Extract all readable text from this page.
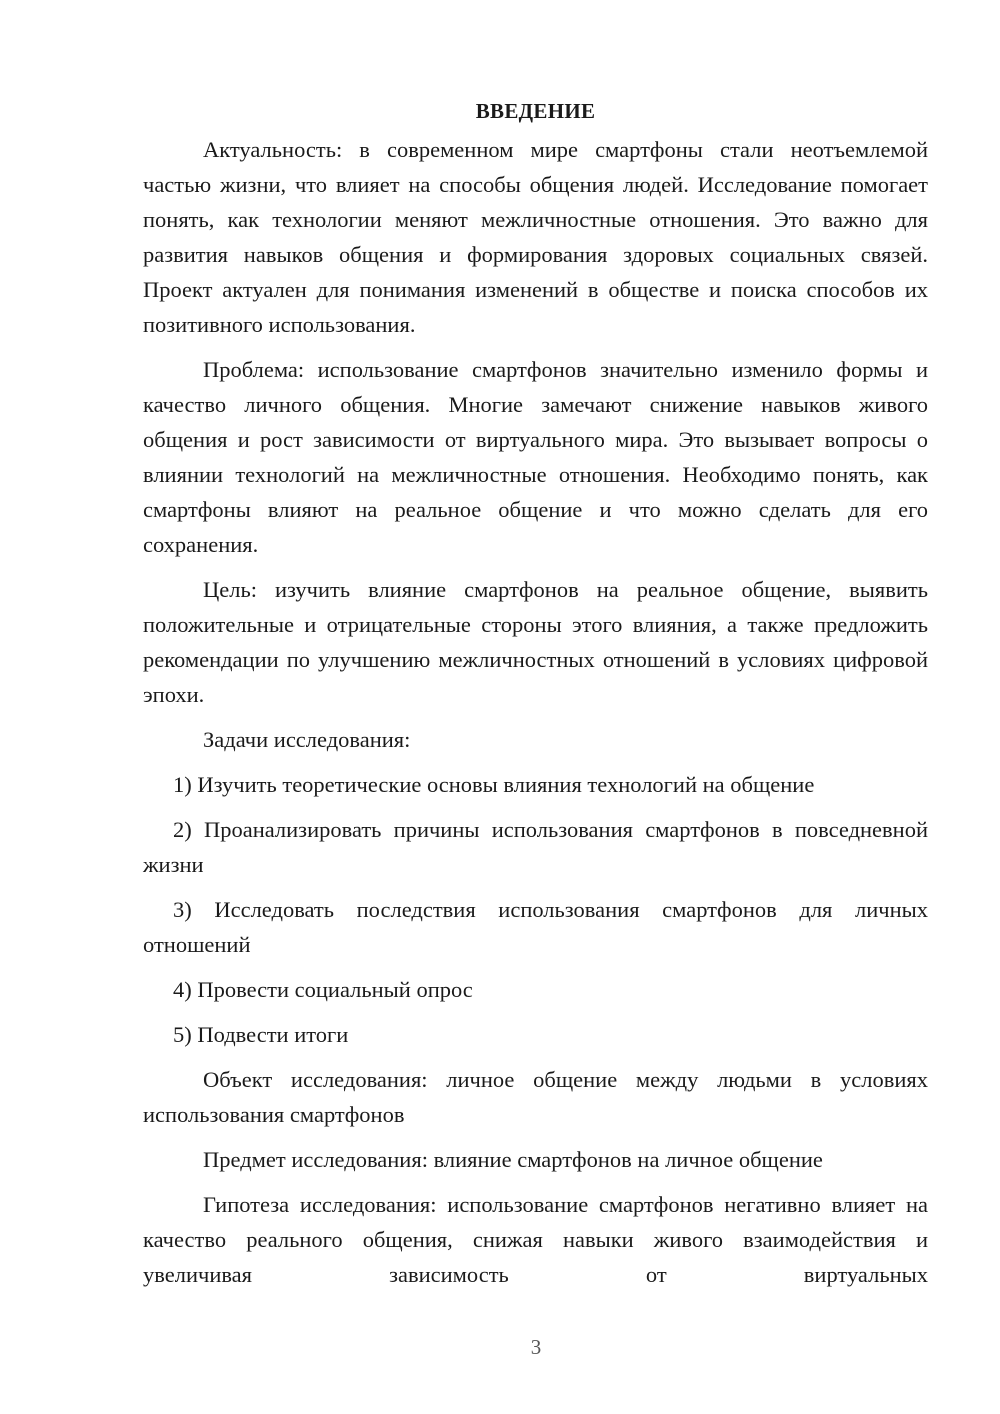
ВВЕДЕНИЕ

Актуальность: в современном мире смартфоны стали неотъемлемой частью жизни, что влияет на способы общения людей. Исследование помогает понять, как технологии меняют межличностные отношения. Это важно для развития навыков общения и формирования здоровых социальных связей. Проект актуален для понимания изменений в обществе и поиска способов их позитивного использования.

Проблема: использование смартфонов значительно изменило формы и качество личного общения. Многие замечают снижение навыков живого общения и рост зависимости от виртуального мира. Это вызывает вопросы о влиянии технологий на межличностные отношения. Необходимо понять, как смартфоны влияют на реальное общение и что можно сделать для его сохранения.

Цель: изучить влияние смартфонов на реальное общение, выявить положительные и отрицательные стороны этого влияния, а также предложить рекомендации по улучшению межличностных отношений в условиях цифровой эпохи.

Задачи исследования:

1) Изучить теоретические основы влияния технологий на общение

2) Проанализировать причины использования смартфонов в повседневной жизни

3) Исследовать последствия использования смартфонов для личных отношений

4) Провести социальный опрос

5) Подвести итоги

Объект исследования: личное общение между людьми в условиях использования смартфонов

Предмет исследования: влияние смартфонов на личное общение

Гипотеза исследования: использование смартфонов негативно влияет на качество реального общения, снижая навыки живого взаимодействия и увеличивая зависимость от виртуальных

3
